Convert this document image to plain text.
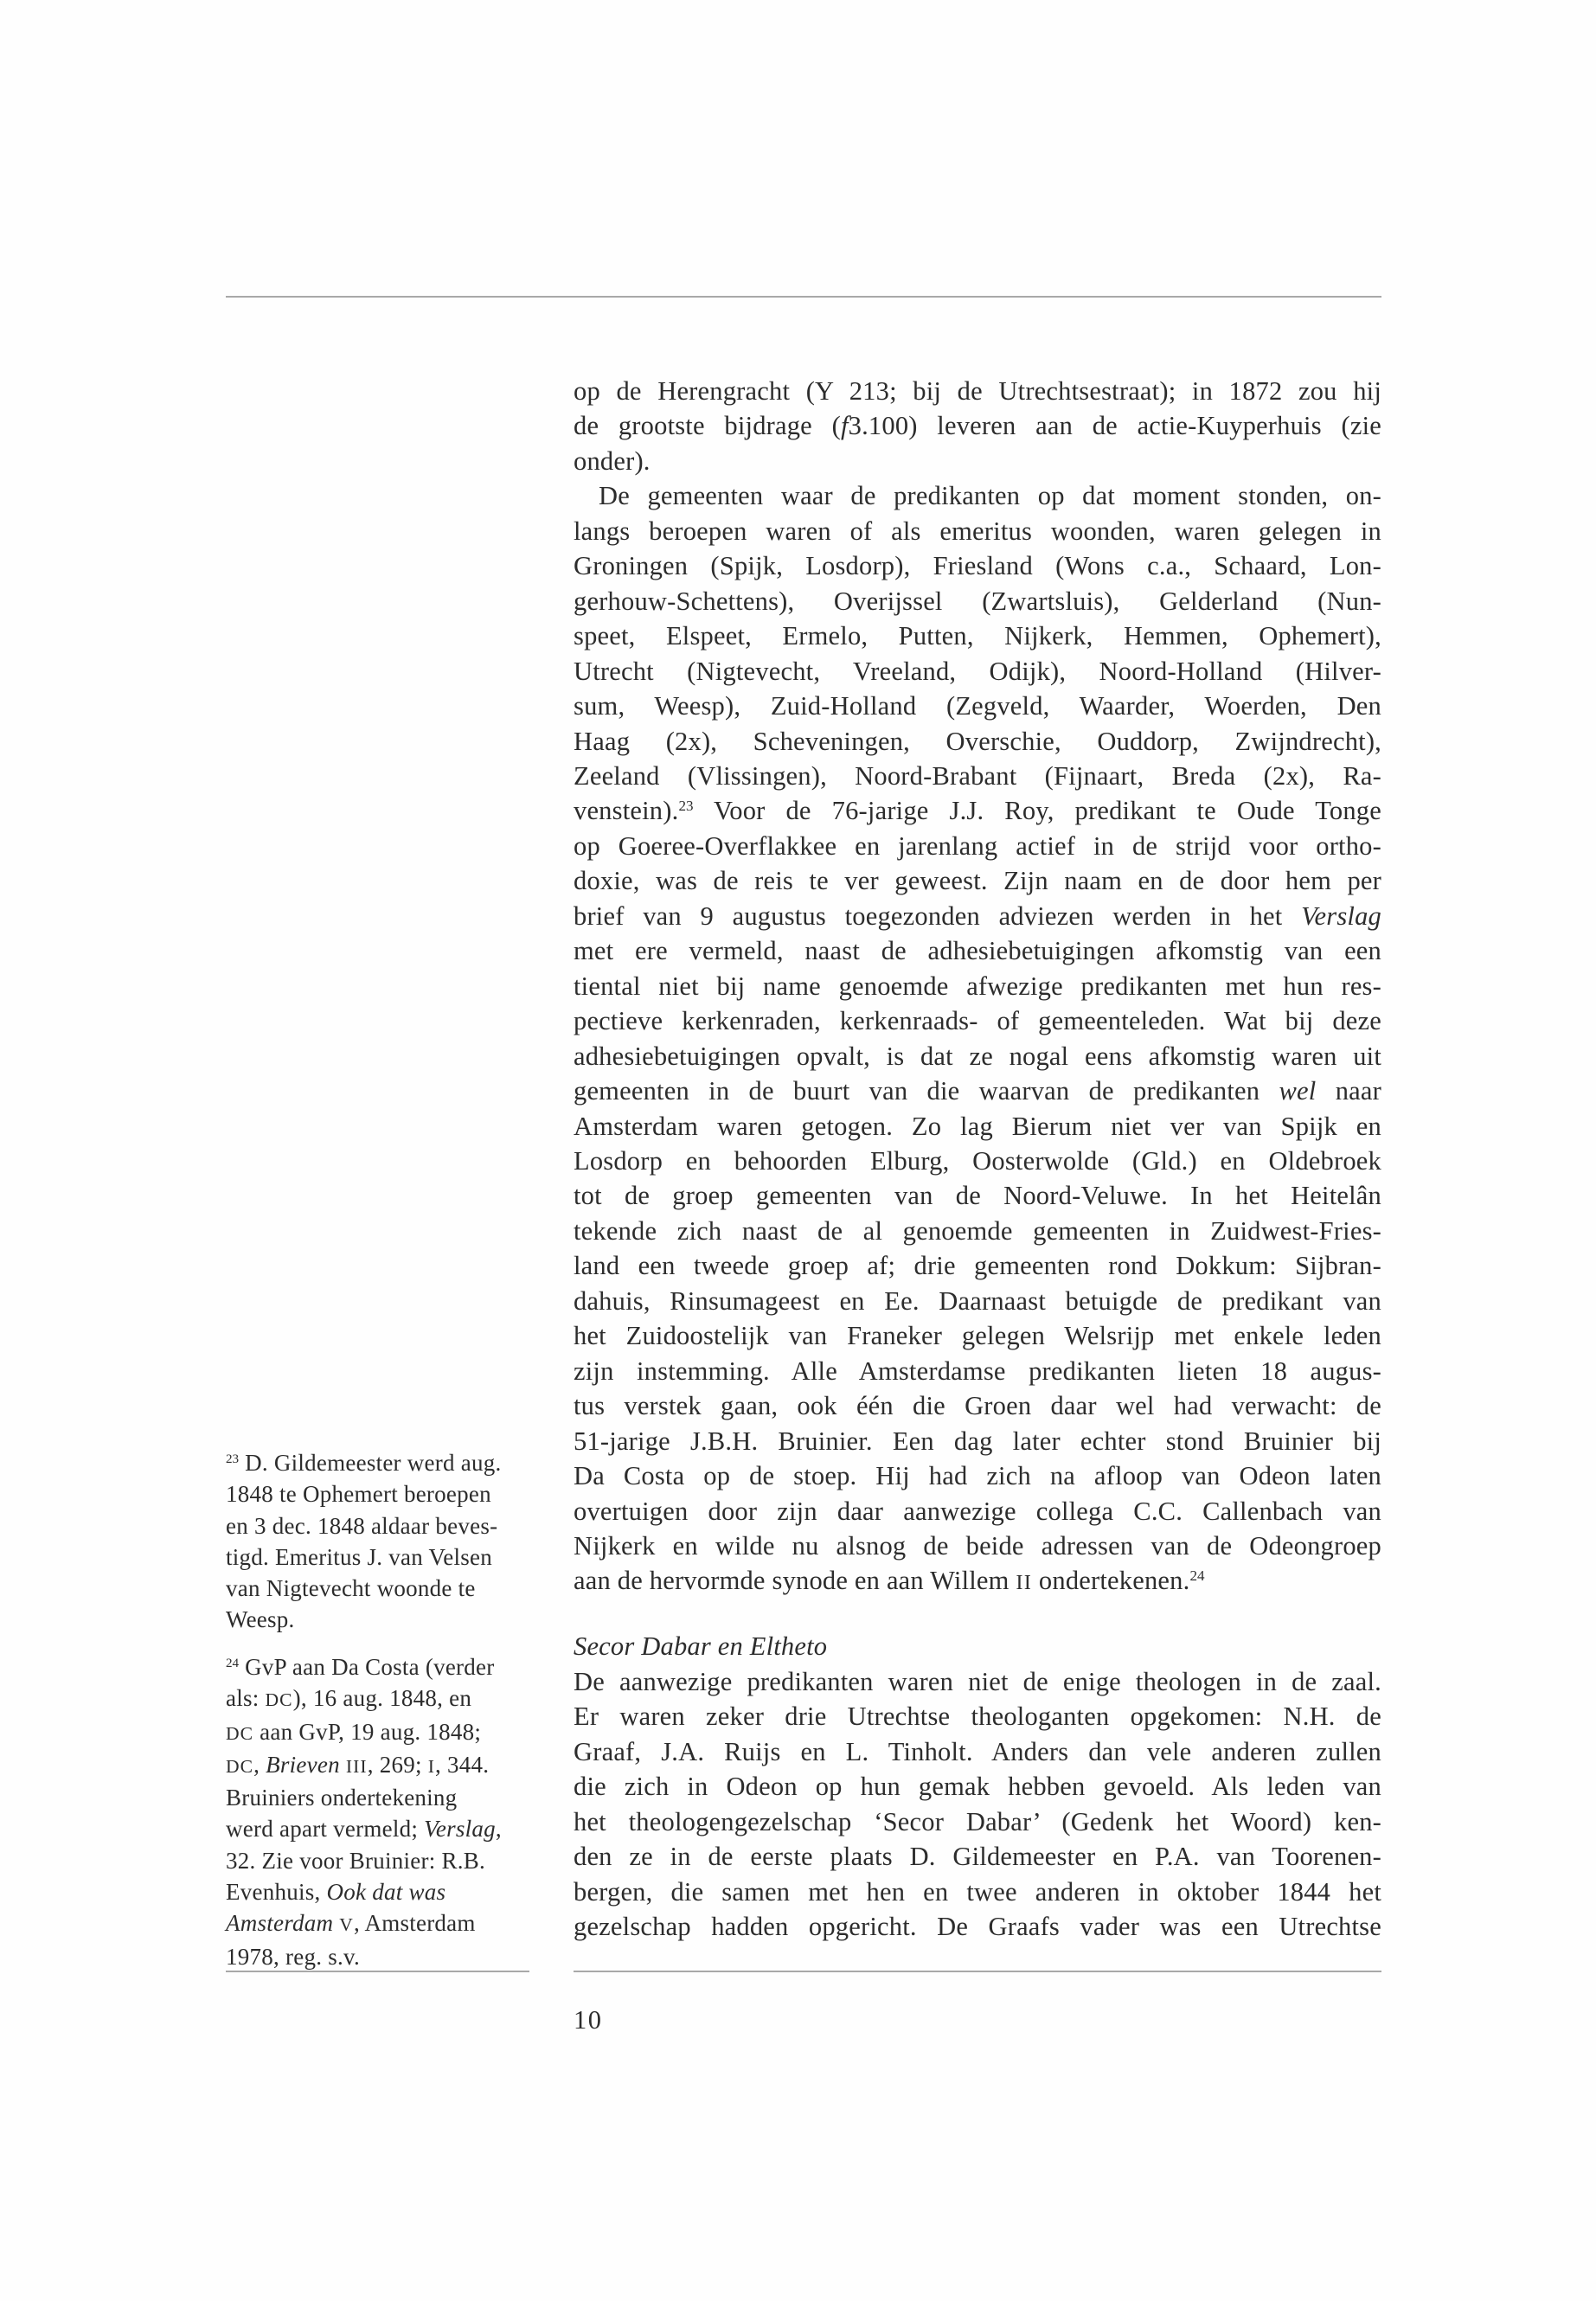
op de Herengracht (Y 213; bij de Utrechtsestraat); in 1872 zou hij
de grootste bijdrage (f3.100) leveren aan de actie-Kuyperhuis (zie
onder).
De gemeenten waar de predikanten op dat moment stonden, on-
langs beroepen waren of als emeritus woonden, waren gelegen in
Groningen (Spijk, Losdorp), Friesland (Wons c.a., Schaard, Lon-
gerhouw-Schettens), Overijssel (Zwartsluis), Gelderland (Nun-
speet, Elspeet, Ermelo, Putten, Nijkerk, Hemmen, Ophemert),
Utrecht (Nigtevecht, Vreeland, Odijk), Noord-Holland (Hilver-
sum, Weesp), Zuid-Holland (Zegveld, Waarder, Woerden, Den
Haag (2x), Scheveningen, Overschie, Ouddorp, Zwijndrecht),
Zeeland (Vlissingen), Noord-Brabant (Fijnaart, Breda (2x), Ra-
venstein).$^{23}$ Voor de 76-jarige J.J. Roy, predikant te Oude Tonge
op Goeree-Overflakkee en jarenlang actief in de strijd voor ortho-
doxie, was de reis te ver geweest. Zijn naam en de door hem per
brief van 9 augustus toegezonden adviezen werden in het Verslag
met ere vermeld, naast de adhesiebetuigingen afkomstig van een
tiental niet bij name genoemde afwezige predikanten met hun res-
pectieve kerkenraden, kerkenraads- of gemeenteleden. Wat bij deze
adhesiebetuigingen opvalt, is dat ze nogal eens afkomstig waren uit
gemeenten in de buurt van die waarvan de predikanten wel naar
Amsterdam waren getogen. Zo lag Bierum niet ver van Spijk en
Losdorp en behoorden Elburg, Oosterwolde (Gld.) en Oldebroek
tot de groep gemeenten van de Noord-Veluwe. In het Heitelân
tekende zich naast de al genoemde gemeenten in Zuidwest-Fries-
land een tweede groep af; drie gemeenten rond Dokkum: Sijbran-
dahuis, Rinsumageest en Ee. Daarnaast betuigde de predikant van
het Zuidoostelijk van Franeker gelegen Welsrijp met enkele leden
zijn instemming. Alle Amsterdamse predikanten lieten 18 augus-
tus verstek gaan, ook één die Groen daar wel had verwacht: de
51-jarige J.B.H. Bruinier. Een dag later echter stond Bruinier bij
Da Costa op de stoep. Hij had zich na afloop van Odeon laten
overtuigen door zijn daar aanwezige collega C.C. Callenbach van
Nijkerk en wilde nu alsnog de beide adressen van de Odeongroep
aan de hervormde synode en aan Willem II ondertekenen.$^{24}$
Secor Dabar en Eltheto
De aanwezige predikanten waren niet de enige theologen in de zaal.
Er waren zeker drie Utrechtse theologanten opgekomen: N.H. de
Graaf, J.A. Ruijs en L. Tinholt. Anders dan vele anderen zullen
die zich in Odeon op hun gemak hebben gevoeld. Als leden van
het theologengezelschap ‘Secor Dabar’ (Gedenk het Woord) ken-
den ze in de eerste plaats D. Gildemeester en P.A. van Toorenen-
bergen, die samen met hen en twee anderen in oktober 1844 het
gezelschap hadden opgericht. De Graafs vader was een Utrechtse
$^{23}$ D. Gildemeester werd aug.
1848 te Ophemert beroepen
en 3 dec. 1848 aldaar beves-
tigd. Emeritus J. van Velsen
van Nigtevecht woonde te
Weesp.
$^{24}$ GvP aan Da Costa (verder
als: DC), 16 aug. 1848, en
DC aan GvP, 19 aug. 1848;
DC, Brieven III, 269; I, 344.
Bruiniers ondertekening
werd apart vermeld; Verslag,
32. Zie voor Bruinier: R.B.
Evenhuis, Ook dat was
Amsterdam V, Amsterdam
1978, reg. s.v.
10
